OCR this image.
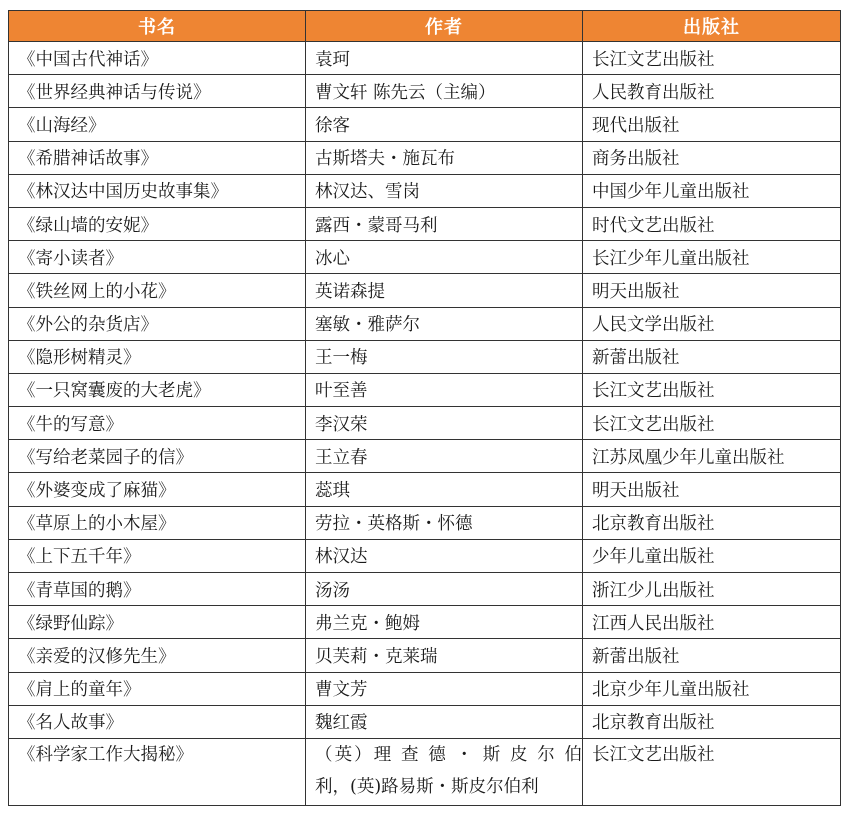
书名	作者	出版社
《中国古代神话》	袁珂	长江文艺出版社
《世界经典神话与传说》	曹文轩 陈先云（主编）	人民教育出版社
《山海经》	徐客	现代出版社
《希腊神话故事》	古斯塔夫・施瓦布	商务出版社
《林汉达中国历史故事集》	林汉达、雪岗	中国少年儿童出版社
《绿山墙的安妮》	露西・蒙哥马利	时代文艺出版社
《寄小读者》	冰心	长江少年儿童出版社
《铁丝网上的小花》	英诺森提	明天出版社
《外公的杂货店》	塞敏・雅萨尔	人民文学出版社
《隐形树精灵》	王一梅	新蕾出版社
《一只窝囊废的大老虎》	叶至善	长江文艺出版社
《牛的写意》	李汉荣	长江文艺出版社
《写给老菜园子的信》	王立春	江苏凤凰少年儿童出版社
《外婆变成了麻猫》	蕊琪	明天出版社
《草原上的小木屋》	劳拉・英格斯・怀德	北京教育出版社
《上下五千年》	林汉达	少年儿童出版社
《青草国的鹅》	汤汤	浙江少儿出版社
《绿野仙踪》	弗兰克・鲍姆	江西人民出版社
《亲爱的汉修先生》	贝芙莉・克莱瑞	新蕾出版社
《肩上的童年》	曹文芳	北京少年儿童出版社
《名人故事》	魏红霞	北京教育出版社
《科学家工作大揭秘》	（英）理 查 德 ・ 斯 皮 尔 伯 利，(英)路易斯・斯皮尔伯利	长江文艺出版社
